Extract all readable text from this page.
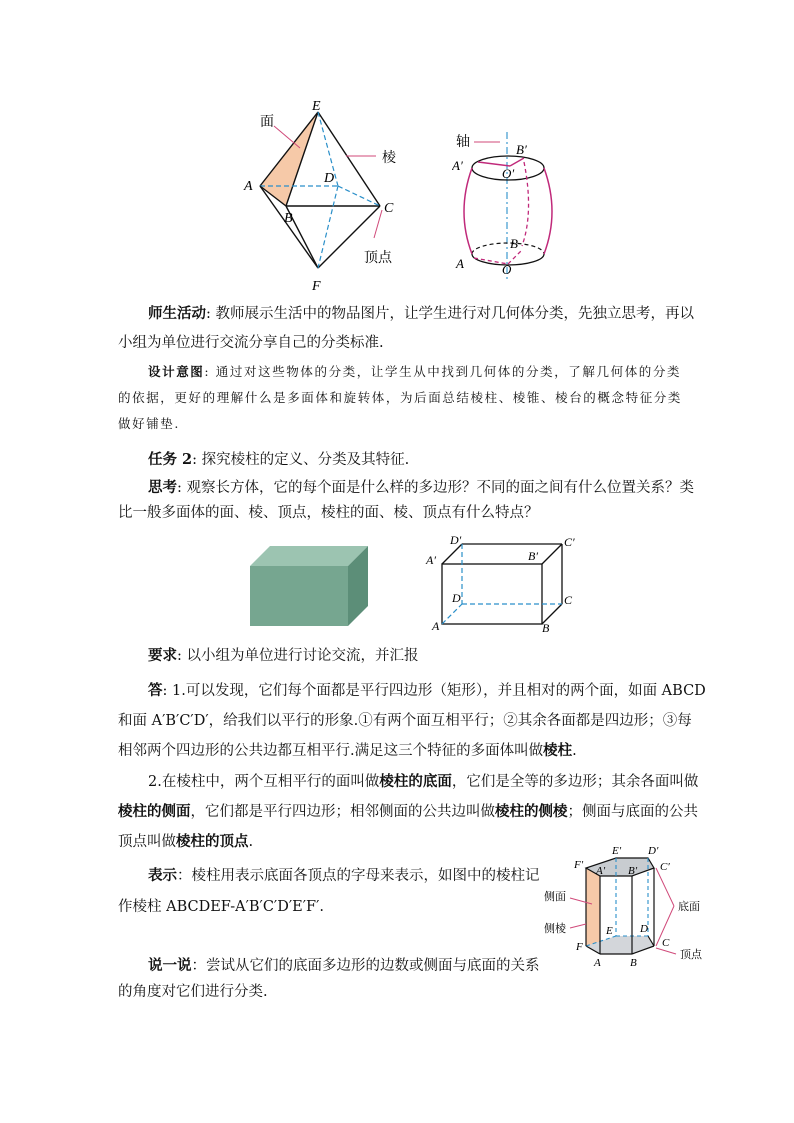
面
棱
顶点
E
D
A
B
C
F
轴
A′
B′
O′
B
A	O
师生活动: 教师展示生活中的物品图片，让学生进行对几何体分类，先独立思考，再以
小组为单位进行交流分享自己的分类标准.
设计意图: 通过对这些物体的分类，让学生从中找到几何体的分类，了解几何体的分类
的依据，更好的理解什么是多面体和旋转体，为后面总结棱柱、棱锥、棱台的概念特征分类
做好铺垫.
任务 2: 探究棱柱的定义、分类及其特征.
思考: 观察长方体，它的每个面是什么样的多边形？不同的面之间有什么位置关系？类
比一般多面体的面、棱、顶点，棱柱的面、棱、顶点有什么特点？
D′	C′
A′	B′
D	C
A	B
要求: 以小组为单位进行讨论交流，并汇报
答: 1.可以发现，它们每个面都是平行四边形（矩形），并且相对的两个面，如面 ABCD
和面 A′B′C′D′，给我们以平行的形象.①有两个面互相平行；②其余各面都是四边形；③每
相邻两个四边形的公共边都互相平行.满足这三个特征的多面体叫做棱柱.
2.在棱柱中，两个互相平行的面叫做棱柱的底面，它们是全等的多边形；其余各面叫做
棱柱的侧面，它们都是平行四边形；相邻侧面的公共边叫做棱柱的侧棱；侧面与底面的公共
顶点叫做棱柱的顶点.
表示：棱柱用表示底面各顶点的字母来表示，如图中的棱柱记
作棱柱 ABCDEF-A′B′C′D′E′F′.
说一说：尝试从它们的底面多边形的边数或侧面与底面的关系
的角度对它们进行分类.
E′ D′
F′	C′
A′ B′
侧面
侧棱
底面
顶点
F
E D
C
A	B
